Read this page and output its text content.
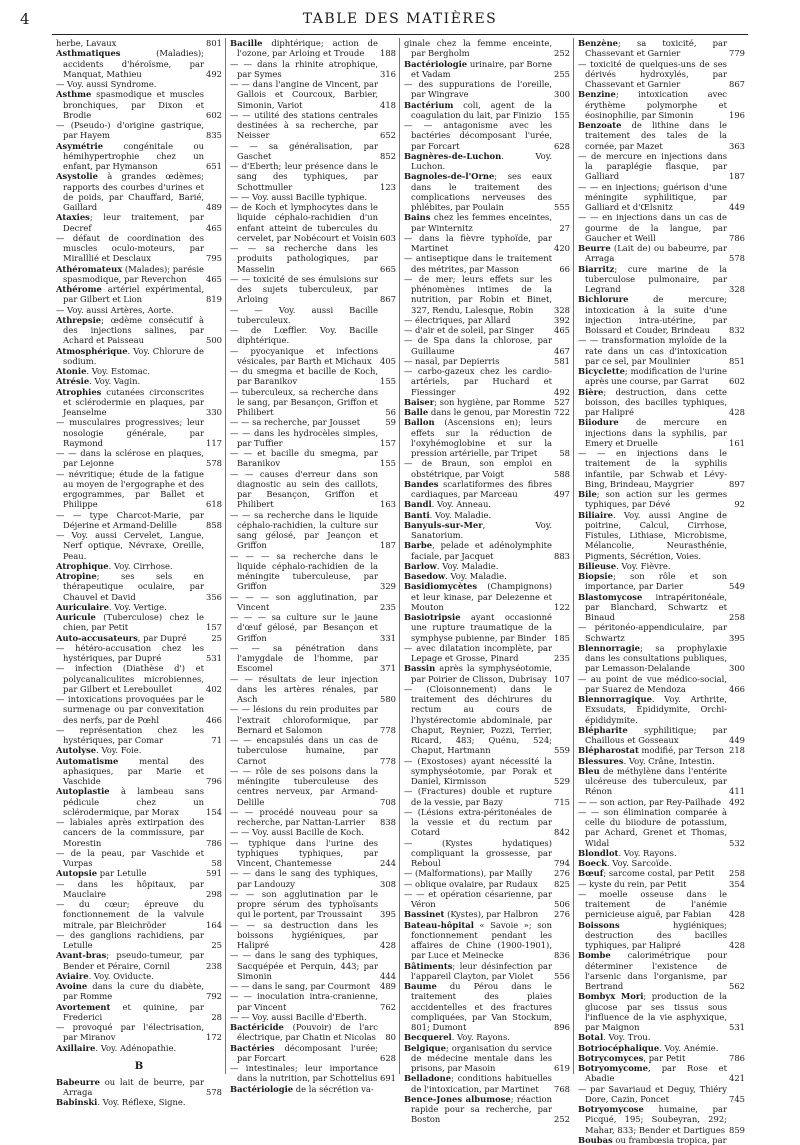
4	TABLE DES MATIÈRES
herbe, Lavaux	801
Asthmatiques (Maladies); accidents d'héroïsme, par Manquat, Mathieu	492
— Voy. aussi Syndrome.
Asthme spasmodique et muscles bronchiques, par Dixon et Brodie	602
— (Pseudo-) d'origine gastrique, par Hayem	835
Asymétrie congénitale ou hémihypertrophie chez un enfant, par Hymanson	651
Asystolie à grandes œdèmes; rapports des courbes d'urines et de poids, par Chauffard, Barié, Gaillard	489
Ataxies; leur traitement, par Decref	465
— défaut de coordination des muscles oculo-moteurs, par Miralllié et Desclaux	795
Athéromateux (Malades); parésie spasmodique, par Reverchon 465
Athérome artériel expérimental, par Gilbert et Lion	819
— Voy. aussi Artères, Aorte.
Athrepsie; œdème consécutif à des injections salines, par Achard et Paisseau	500
Atmosphérique. Voy. Chlorure de sodium.
Atonie. Voy. Estomac.
Atrésie. Voy. Vagin.
Atrophies cutanées circonscrites et sclérodermie en plaques, par Jeanselme	330
— musculaires progressives; leur nosologie générale, par Raymond	117
— — dans la sclérose en plaques, par Lejonne	578
— névritique; étude de la fatigue au moyen de l'ergographe et des ergogrammes, par Ballet et Philippe	618
— — type Charcot-Marie, par Déjerine et Armand-Delille	858
— Voy. aussi Cervelet, Langue, Nerf optique, Névraxe, Oreille, Peau.
Atrophique. Voy. Cirrhose.
Atropine; ses sels en thérapeutique oculaire, par Chauvel et David	356
Auriculaire. Voy. Vertige.
Auricule (Tuberculose) chez le chien, par Petit	157
Auto-accusateurs, par Dupré	25
— hétéro-accusation chez les hystériques, par Dupré	531
— infection (Diathèse d') et polycanaliculites microbiennes, par Gilbert et Lereboullet	402
— intoxications provoquées par le surmenage ou par convexitation des nerfs, par de Pœhl	466
— représentation chez les hystériques, par Comar	71
Autolyse. Voy. Foie.
Automatisme mental des aphasiques, par Marie et Vaschide	796
Autoplastie à lambeau sans pédicule chez un sclérodermique, par Morax	154
— labiales après extirpation des cancers de la commissure, par Morestin	786
— de la peau, par Vaschide et Vurpas	58
Autopsie par Letulle	591
— dans les hôpitaux, par Mauclaire	298
— du cœur; épreuve du fonctionnement de la valvule mitrale, par Bleichröder	164
— des ganglions rachidiens, par Letulle	25
Avant-bras; pseudo-tumeur, par Bender et Péraire, Cornil	238
Aviaire. Voy. Oviducte.
Avoine dans la cure du diabète, par Romme	792
Avortement et quinine, par Frederici	28
— provoqué par l'électrisation, par Miranov	172
Axillaire. Voy. Adénopathie.
B
Babeurre ou lait de beurre, par Arraga	578
Babinski. Voy. Réflexe, Signe.
Bacille diphtérique; action de l'ozone, par Arloing et Troude 188
— — dans la rhinite atrophique, par Symes	316
— — dans l'angine de Vincent, par Gallois et Courcoux, Barbier, Simonin, Variot	418
— — utilité des stations centrales destinées à sa recherche, par Neisser	652
— — sa généralisation, par Gaschet	852
— d'Eberth; leur présence dans le sang des typhiques, par Schottmuller	123
— — Voy. aussi Bacille typhique.
— de Koch et lymphocytes dans le liquide céphalo-rachidien d'un enfant atteint de tubercules du cervelet, par Nobécourt et Voisin 603
— — sa recherche dans les produits pathologiques, par Masselin	665
— — toxicité de ses émulsions sur des sujets tuberculeux, par Arloing	867
— — Voy. aussi Bacille tuberculeux.
— de Lœffler. Voy. Bacille diphtérique.
— pyocyanique et infections vésicales, par Barth et Michaux 405
— du smegma et bacille de Koch, par Baranikov	155
— tuberculeux, sa recherche dans le sang, par Besançon, Griffon et Philibert	56
— — sa recherche, par Jousset	59
— — dans les hydrocèles simples, par Tuffier	157
— — et bacille du smegma, par Baranikov	155
— — causes d'erreur dans son diagnostic au sein des caillots, par Besançon, Griffon et Philibert	163
— — sa recherche dans le liquide céphalo-rachidien, la culture sur sang gélosé, par Jeançon et Griffon	187
— — — sa recherche dans le liquide céphalo-rachidien de la méningite tuberculeuse, par Griffon	329
— — — son agglutination, par Vincent	235
— — — sa culture sur le jaune d'œuf gélosé, par Besançon et Griffon	331
— — sa pénétration dans l'amygdale de l'homme, par Escomel	371
— — résultats de leur injection dans les artères rénales, par Asch	580
— — lésions du rein produites par l'extrait chloroformique, par Bernard et Salomon	778
— — encapsulés dans un cas de tuberculose humaine, par Carnot	778
— — rôle de ses poisons dans la méningite tuberculeuse des centres nerveux, par Armand-Delille	708
— — procédé nouveau pour sa recherche, par Nattan-Larrier 838
— — Voy. aussi Bacille de Koch.
— typhique dans l'urine des typhiques typhiques, par Vincent, Chantemesse	244
— — dans le sang des typhiques, par Landouzy	308
— — son agglutination par le propre sérum des typhoïsants qui le portent, par Troussaint 395
— — sa destruction dans les boissons hygiéniques, par Halipré	428
— — dans le sang des typhiques, Sacquépée et Perquin, 443; par Simonin	444
— — dans le sang, par Courmont 489
— — inoculation intra-cranienne, par Vincent	762
— — Voy. aussi Bacille d'Eberth.
Bactéricide (Pouvoir) de l'arc électrique, par Chatin et Nicolas 80
Bactéries décomposant l'urée; par Forcart	628
— intestinales; leur importance dans la nutrition, par Schottelius 691
Bactériologie de la sécrétion va-
ginale chez la femme enceinte, par Bergholm	252
Bactériologie urinaire, par Borne et Vadam	255
— des suppurations de l'oreille, par Wingrave	300
Bactérium coli, agent de la coagulation du lait, par Finizio 155
— — antagonisme avec les bactéries décomposant l'urée, par Forcart	628
Bagnères-de-Luchon. Voy. Luchon.
Bagnoles-de-l'Orne; ses eaux dans le traitement des complications nerveuses des phlébites, par Poulain	555
Bains chez les femmes enceintes, par Winternitz	27
— dans la fièvre typhoïde, par Martinet	420
— antiseptique dans le traitement des métrites, par Masson	66
— de mer; leurs effets sur les phénomènes intimes de la nutrition, par Robin et Binet, 327, Rendu, Lalesque, Robin 328
— électriques, par Allard	392
— d'air et de soleil, par Singer 465
— de Spa dans la chlorose, par Guillaume	467
— nasal, par Depierris	581
— carbo-gazeux chez les cardio-artériels, par Huchard et Fiessinger	492
Baiser; son hygiène, par Romme 527
Balle dans le genou, par Morestin 722
Ballon (Ascensions en); leurs effets sur la réduction de l'oxyhémoglobine et sur la pression artérielle, par Tripet	58
— de Braun, son emploi en obstétrique, par Voigt	588
Bandes scarlatiformes des fibres cardiaques, par Marceau	497
Bandl. Voy. Anneau.
Banti. Voy. Maladie.
Banyuls-sur-Mer, Voy. Sanatorium.
Barbe, pelade et adénolymphite faciale, par Jacquet	883
Barlow. Voy. Maladie.
Basedow. Voy. Maladie.
Basidiomycètes (Champignons) et leur kinase, par Delezenne et Mouton	122
Basiotripsie ayant occasionné une rupture traumatique de la symphyse pubienne, par Binder 185
— avec dilatation incomplète, par Lepage et Grosse, Pinard	235
Bassin après la symphyséotomie, par Poirier de Clisson, Dubrisay 107
— (Cloisonnement) dans le traitement des déchirures du rectum au cours de l'hystérectomie abdominale, par Chaput, Reynier, Pozzi, Terrier, Ricard, 483; Quénu, 524; Chaput, Hartmann	559
— (Exostoses) ayant nécessité la symphyséotomie, par Porak et Daniel, Kirmisson	529
— (Fractures) double et rupture de la vessie, par Bazy	715
— (Lésions extra-péritonéales de la vessie et du rectum par Cotard	842
— (Kystes hydatiques) compliquant la grossesse, par Reboul	794
— (Malformations), par Mailly	276
— oblique ovalaire, par Rudaux 825
— — et opération césarienne, par Véron	506
Bassinet (Kystes), par Halbron 276
Bateau-hôpital « Savoie »; son fonctionnement pendant les affaires de Chine (1900-1901), par Luce et Meinecke	836
Bâtiments; leur désinfection par l'appareil Clayton, par Violet 556
Baume du Pérou dans le traitement des plaies accidentelles et des fractures compliquées, par Van Stockum, 801; Dumont	896
Becquerel. Voy. Rayons.
Belgique; organisation du service de médecine mentale dans les prisons, par Masoin	619
Belladone; conditions habituelles de l'intoxication, par Martinet 768
Bence-Jones albumose; réaction rapide pour sa recherche, par Boston	252
Benzène; sa toxicité, par Chassevant et Garnier	779
— toxicité de quelques-uns de ses dérivés hydroxylés, par Chassevant et Garnier	867
Benzine; intoxication avec érythème polymorphe et éosinophilie, par Simonin	196
Benzoate de lithine dans le traitement des tales de la cornée, par Mazet	363
— de mercure en injections dans la paraplégie flasque, par Galliard	187
— — en injections; guérison d'une méningite syphilitique, par Galliard et d'Œlsnitz	449
— — en injections dans un cas de gourme de la langue, par Gaucher et Weill	786
Beurre (Lait de) ou babeurre, par Arraga	578
Biarritz; cure marine de la tuberculose pulmonaire, par Legrand	328
Bichlorure de mercure; intoxication à la suite d'une injection intra-utérine, par Boissard et Couder, Brindeau 832
— — transformation myloïde de la rate dans un cas d'intoxication par ce sel, par Moulinier	851
Bicyclette; modification de l'urine après une course, par Garrat 602
Bière; destruction, dans cette boisson, des bacilles typhiques, par Halipré	428
Biiodure de mercure en injections dans la syphilis, par Emery et Druelle	161
— — en injections dans le traitement de la syphilis infantile, par Schwab et Lévy-Bing, Brindeau, Maygrier	897
Bile; son action sur les germes typhiques, par Dévé	92
Biliaire. Voy. aussi Angine de poitrine, Calcul, Cirrhose, Fistules, Lithiase, Microbisme, Mélancolie, Neurasthénie, Pigments, Sécrétion, Voies.
Bilieuse. Voy. Fièvre.
Biopsie; son rôle et son importance, par Darier	549
Blastomycose intrapéritonéale, par Blanchard, Schwartz et Binaud	258
— péritonéo-appendiculaire, par Schwartz	395
Blennorragie; sa prophylaxie dans les consultations publiques, par Lemasson-Delalande	300
— au point de vue médico-social, par Suarez de Mendoza	466
Blennorragique. Voy. Arthrite, Exsudats, Épididymite, Orchi-épididymite.
Blépharite syphilitique; par Chaillous et Gosseaux	449
Blépharostat modifié, par Terson 218
Blessures. Voy. Crâne, Intestin.
Bleu de méthylène dans l'entérite ulcéreuse des tuberculeux, par Rénon	411
— — son action, par Rey-Pailhade 492
— — son élimination comparée à celle du biiodure de potassium, par Achard, Grenet et Thomas, Widal	532
Blondlot. Voy. Rayons.
Boeck. Voy. Sarcoïde.
Bœuf; sarcome costal, par Petit 258
— kyste du rein, par Petit	354
— moelle osseuse dans le traitement de l'anémie pernicieuse aiguë, par Fabian 428
Boissons hygiéniques; destruction des bacilles typhiques, par Halipré	428
Bombe calorimétrique pour déterminer l'existence de l'arsenic dans l'organisme, par Bertrand	562
Bombyx Mori; production de la glucose par ses tissus sous l'influence de la vie asphyxique, par Maignon	531
Botal. Voy. Trou.
Botriocéphalique. Voy. Anémie.
Botrycomyces, par Petit	786
Botryomycome, par Rose et Abadie	421
— par Savariaud et Deguy, Thiéry Dore, Cazin, Poncet	745
Botryomycose humaine, par Picqué, 195; Soubeyran, 292; Mahar, 833; Bender et Dartigues 859
Boubas ou frambœsia tropica, par
